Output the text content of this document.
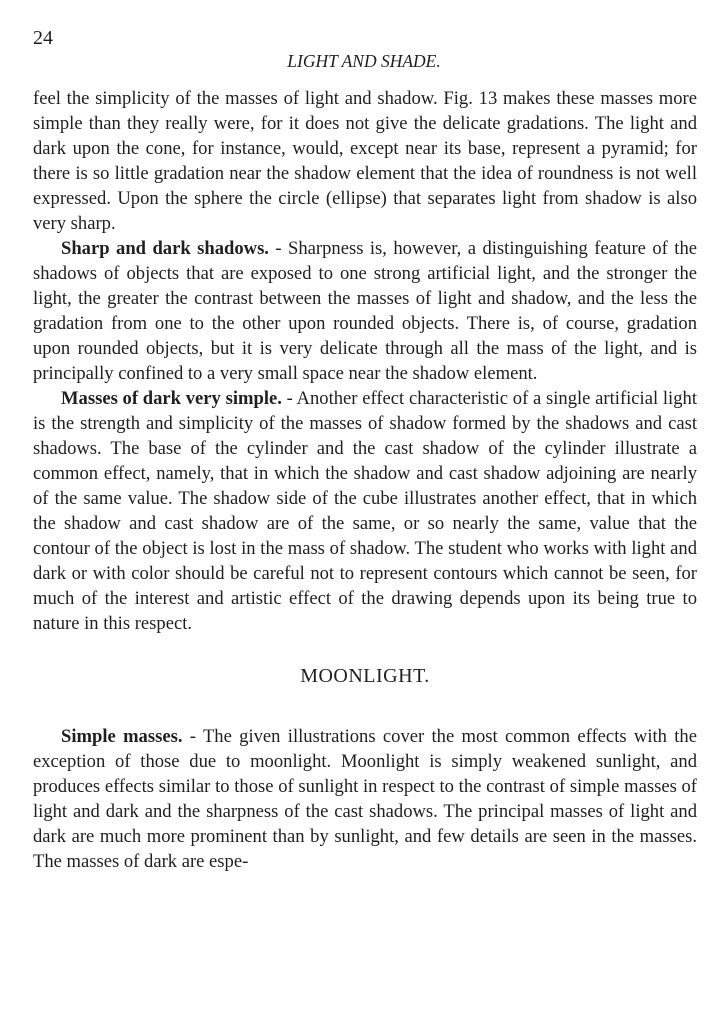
24
LIGHT AND SHADE.

feel the simplicity of the masses of light and shadow. Fig. 13 makes these masses more simple than they really were, for it does not give the delicate gradations. The light and dark upon the cone, for instance, would, except near its base, represent a pyramid; for there is so little gradation near the shadow element that the idea of roundness is not well expressed. Upon the sphere the circle (ellipse) that separates light from shadow is also very sharp.

Sharp and dark shadows. - Sharpness is, however, a distinguishing feature of the shadows of objects that are exposed to one strong artificial light, and the stronger the light, the greater the contrast between the masses of light and shadow, and the less the gradation from one to the other upon rounded objects. There is, of course, gradation upon rounded objects, but it is very delicate through all the mass of the light, and is principally confined to a very small space near the shadow element.

Masses of dark very simple. - Another effect characteristic of a single artificial light is the strength and simplicity of the masses of shadow formed by the shadows and cast shadows. The base of the cylinder and the cast shadow of the cylinder illustrate a common effect, namely, that in which the shadow and cast shadow adjoining are nearly of the same value. The shadow side of the cube illustrates another effect, that in which the shadow and cast shadow are of the same, or so nearly the same, value that the contour of the object is lost in the mass of shadow. The student who works with light and dark or with color should be careful not to represent contours which cannot be seen, for much of the interest and artistic effect of the drawing depends upon its being true to nature in this respect.

MOONLIGHT.

Simple masses. - The given illustrations cover the most common effects with the exception of those due to moonlight. Moonlight is simply weakened sunlight, and produces effects similar to those of sunlight in respect to the contrast of simple masses of light and dark and the sharpness of the cast shadows. The principal masses of light and dark are much more prominent than by sunlight, and few details are seen in the masses. The masses of dark are espe-
